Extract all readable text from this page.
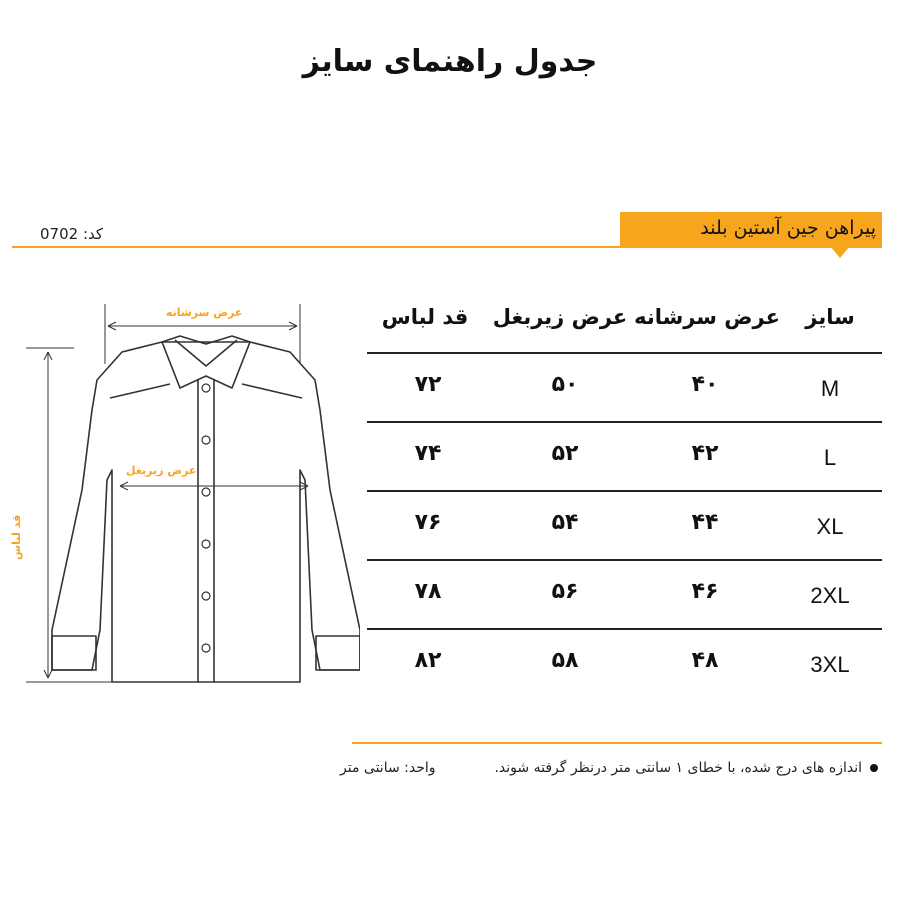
جدول راهنمای سایز
پیراهن جین آستین بلند
کد: 0702
عرض سرشانه
عرض زیربغل
قد لباس
سایز
عرض سرشانه
عرض زیربغل
قد لباس
M
۴۰
۵۰
۷۲
L
۴۲
۵۲
۷۴
XL
۴۴
۵۴
۷۶
2XL
۴۶
۵۶
۷۸
3XL
۴۸
۵۸
۸۲
اندازه های درج شده، با خطای ۱ سانتی متر درنظر گرفته شوند.
واحد: سانتی متر
